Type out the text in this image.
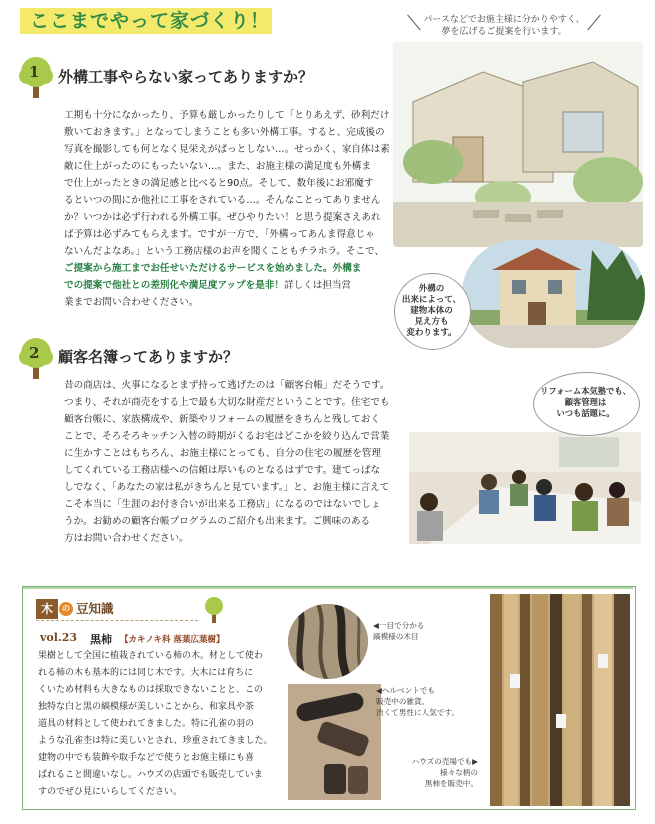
ここまでやって家づくり！	パースなどでお施主様に分かりやすく、
夢を広げるご提案を行います。
1 外構工事やらない家ってありますか？
工期も十分になかったり、予算も厳しかったりして「とりあえず、砂利だけ
敷いておきます。」となってしまうことも多い外構工事。すると、完成後の
写真を撮影しても何となく見栄えがぱっとしない…。せっかく、家自体は素
敵に仕上がったのにもったいない…。また、お施主様の満足度も外構ま
で仕上がったときの満足感と比べると90点。そして、数年後にお邪魔す
るといつの間にか他社に工事をされている…。そんなことってありません
か？いつかは必ず行われる外構工事。ぜひやりたい！と思う提案さえあれ
ば予算は必ずみてもらえます。ですが一方で、「外構ってあんま得意じゃ
ないんだよなあ。」という工務店様のお声を聞くこともチラホラ。そこで、
ご提案から施工までお任せいただけるサービスを始めました。外構ま
での提案で他社との差別化や満足度アップを是非！詳しくは担当営
業までお問い合わせください。
外構の
出来によって、
建物本体の
見え方も
変わります。
2 顧客名簿ってありますか？
昔の商店は、火事になるとまず持って逃げたのは「顧客台帳」だそうです。
つまり、それが商売をする上で最も大切な財産だということです。住宅でも
顧客台帳に、家族構成や、新築やリフォームの履歴をきちんと残しておく
ことで、そろそろキッチン入替の時期がくるお宅はどこかを絞り込んで営業
に生かすことはもちろん、お施主様にとっても、自分の住宅の履歴を管理
してくれている工務店様への信頼は厚いものとなるはずです。建てっぱな
しでなく、「あなたの家は私がきちんと見ています。」と、お施主様に言えて
こそ本当に「生涯のお付き合いが出来る工務店」になるのではないでしょ
うか。お勧めの顧客台帳プログラムのご紹介も出来ます。ご興味のある
方はお問い合わせください。
リフォーム本気塾でも、
顧客管理は
いつも話題に。
木	の 豆知識
vol.23 黒柿 【カキノキ科 落葉広葉樹】
果樹として全国に植栽されている柿の木。材として使わ
れる柿の木も基本的には同じ木です。大木には育ちに
くいため材料も大きなものは採取できないことと、この
独特な白と黒の縞模様が美しいことから、和家具や茶
道具の材料として使われてきました。特に孔雀の羽の
ような孔雀杢は特に美しいとされ、珍重されてきました。
建物の中でも装飾や取手などで使うとお施主様にも喜
ばれること間違いなし。ハウズの店頭でも販売していま
すのでぜひ見にいらしてください。
◀一目で分かる
縞模様の木目
◀ヘルベントでも
販売中の雑貨。
渋くて男性に人気です。
ハウズの売場でも▶
様々な柄の
黒柿を販売中。
